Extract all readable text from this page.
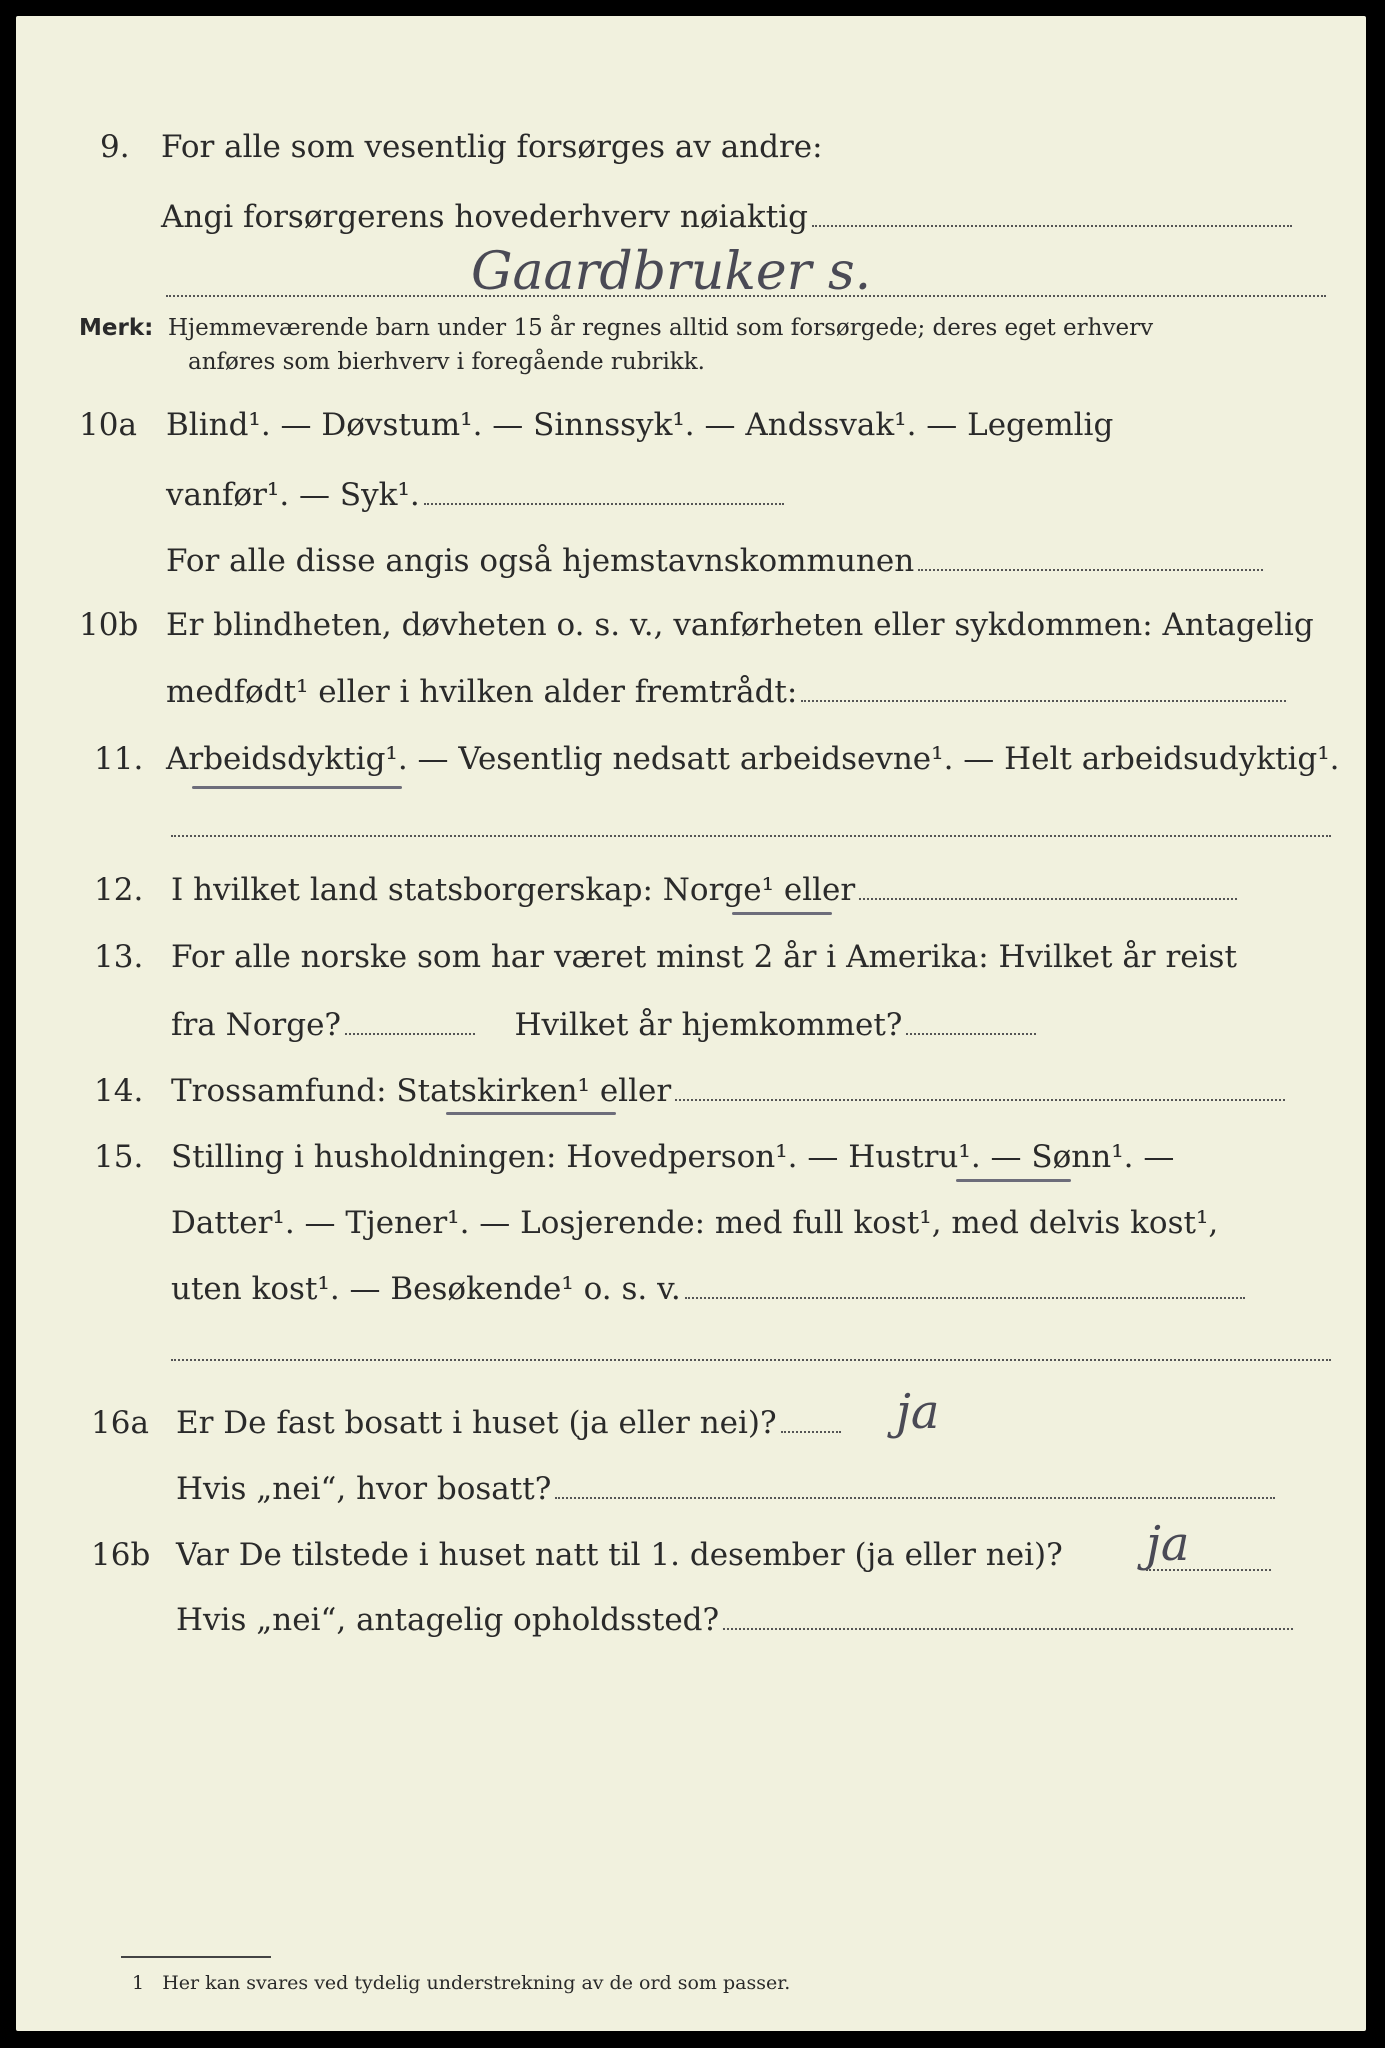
9. For alle som vesentlig forsørges av andre:
Angi forsørgerens hovederhverv nøiaktig
Gaardbruker s.
Merk: Hjemmeværende barn under 15 år regnes alltid som forsørgede; deres eget erhverv
anføres som bierhverv i foregående rubrikk.
10a Blind¹. — Døvstum¹. — Sinnssyk¹. — Andssvak¹. — Legemlig
vanfør¹. — Syk¹.
For alle disse angis også hjemstavnskommunen
10b Er blindheten, døvheten o. s. v., vanførheten eller sykdommen: Antagelig
medfødt¹ eller i hvilken alder fremtrådt:
11. Arbeidsdyktig¹. — Vesentlig nedsatt arbeidsevne¹. — Helt arbeidsudyktig¹.
12. I hvilket land statsborgerskap: Norge¹ eller
13. For alle norske som har været minst 2 år i Amerika: Hvilket år reist
fra Norge?	Hvilket år hjemkommet?
14. Trossamfund: Statskirken¹ eller
15. Stilling i husholdningen: Hovedperson¹. — Hustru¹. — Sønn¹. —
Datter¹. — Tjener¹. — Losjerende: med full kost¹, med delvis kost¹,
uten kost¹. — Besøkende¹ o. s. v.
16a Er De fast bosatt i huset (ja eller nei)?	ja
Hvis „nei“, hvor bosatt?
16b Var De tilstede i huset natt til 1. desember (ja eller nei)? ja
Hvis „nei“, antagelig opholdssted?
1 Her kan svares ved tydelig understrekning av de ord som passer.
